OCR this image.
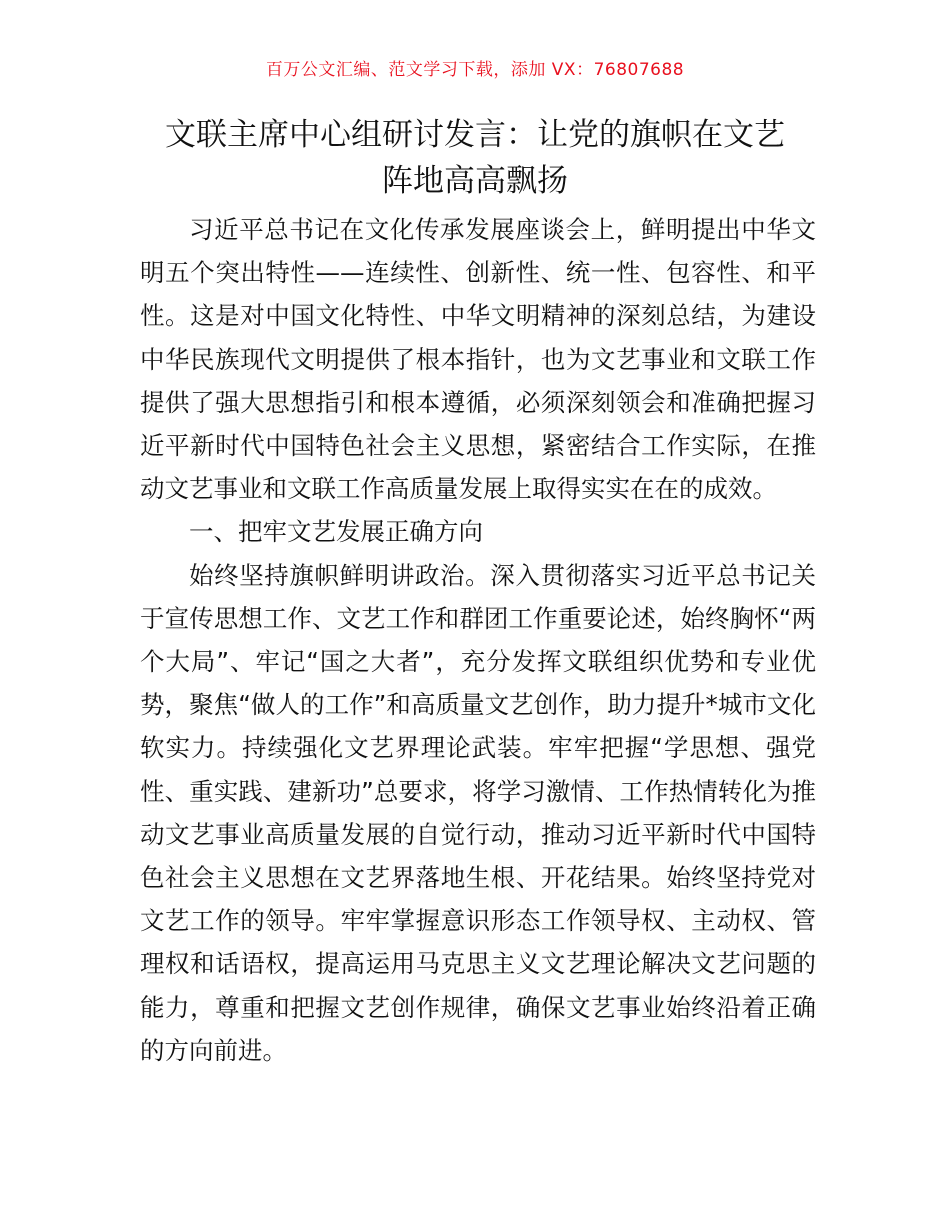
百万公文汇编、范文学习下载，添加 VX：76807688
文联主席中心组研讨发言：让党的旗帜在文艺
阵地高高飘扬

习近平总书记在文化传承发展座谈会上，鲜明提出中华文明五个突出特性——连续性、创新性、统一性、包容性、和平性。这是对中国文化特性、中华文明精神的深刻总结，为建设中华民族现代文明提供了根本指针，也为文艺事业和文联工作提供了强大思想指引和根本遵循，必须深刻领会和准确把握习近平新时代中国特色社会主义思想，紧密结合工作实际，在推动文艺事业和文联工作高质量发展上取得实实在在的成效。

一、把牢文艺发展正确方向

始终坚持旗帜鲜明讲政治。深入贯彻落实习近平总书记关于宣传思想工作、文艺工作和群团工作重要论述，始终胸怀“两个大局”、牢记“国之大者”，充分发挥文联组织优势和专业优势，聚焦“做人的工作”和高质量文艺创作，助力提升*城市文化软实力。持续强化文艺界理论武装。牢牢把握“学思想、强党性、重实践、建新功”总要求，将学习激情、工作热情转化为推动文艺事业高质量发展的自觉行动，推动习近平新时代中国特色社会主义思想在文艺界落地生根、开花结果。始终坚持党对文艺工作的领导。牢牢掌握意识形态工作领导权、主动权、管理权和话语权，提高运用马克思主义文艺理论解决文艺问题的能力，尊重和把握文艺创作规律，确保文艺事业始终沿着正确的方向前进。
